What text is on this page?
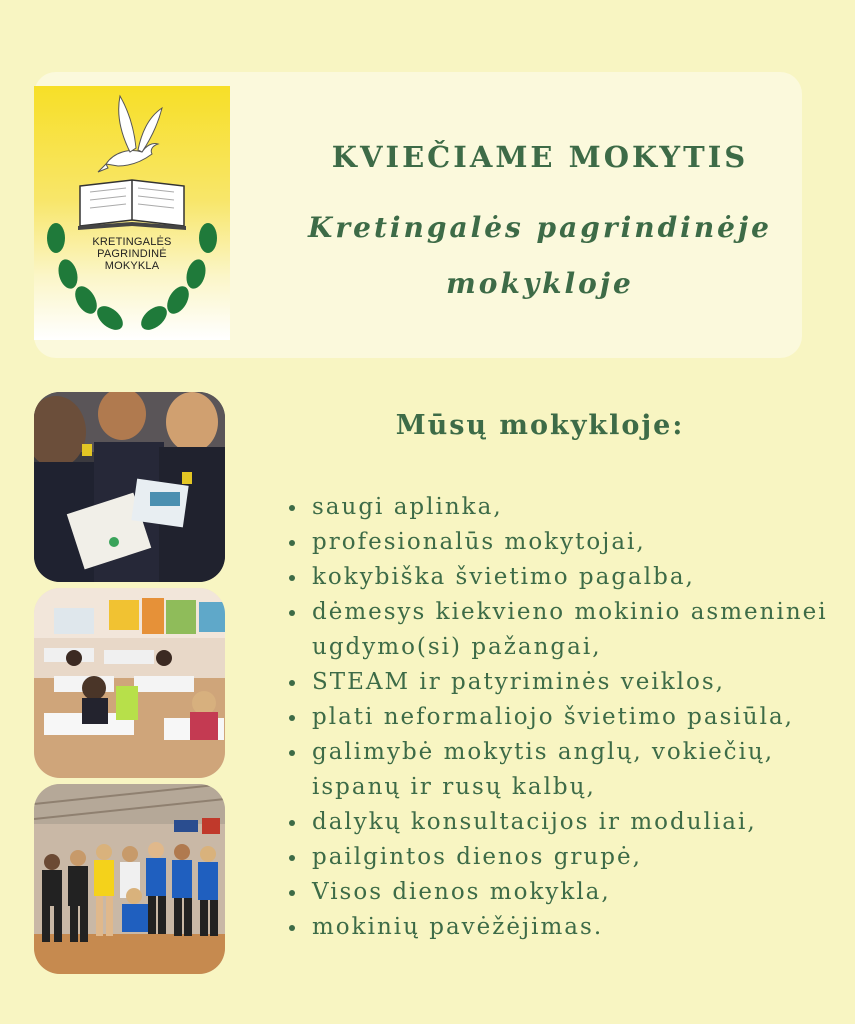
KRETINGALĖS
PAGRINDINĖ
MOKYKLA
KVIEČIAME MOKYTIS
Kretingalės pagrindinėje
mokykloje
Mūsų mokykloje:
saugi aplinka,
profesionalūs mokytojai,
kokybiška švietimo pagalba,
dėmesys kiekvieno mokinio asmeninei ugdymo(si) pažangai,
STEAM ir patyriminės veiklos,
plati neformaliojo švietimo pasiūla,
galimybė mokytis anglų, vokiečių, ispanų ir rusų kalbų,
dalykų konsultacijos ir moduliai,
pailgintos dienos grupė,
Visos dienos mokykla,
mokinių pavėžėjimas.
